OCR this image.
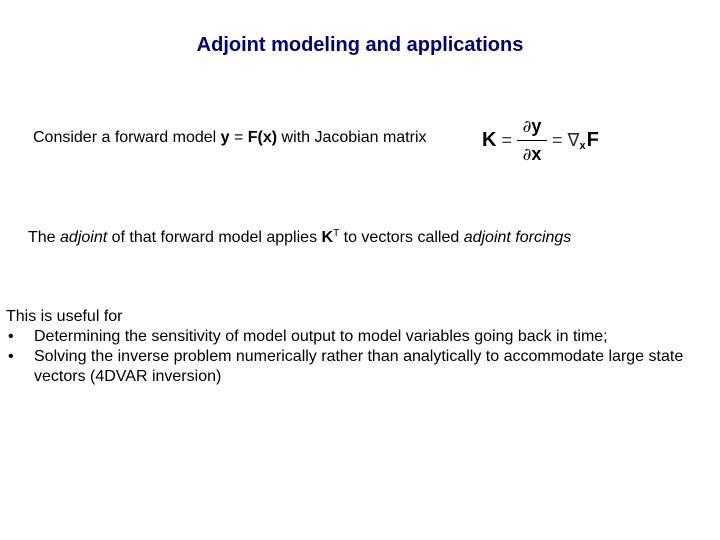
Adjoint modeling and applications
Consider a forward model y = F(x) with Jacobian matrix	$K = \frac{\partial y}{\partial x}$ = ∇ x F
The adjoint of that forward model applies $K^T$ to vectors called adjoint forcings

This is useful for

• Determining the sensitivity of model output to model variables going back in time;
• Solving the inverse problem numerically rather than analytically to accommodate large state vectors (4DVAR inversion)
